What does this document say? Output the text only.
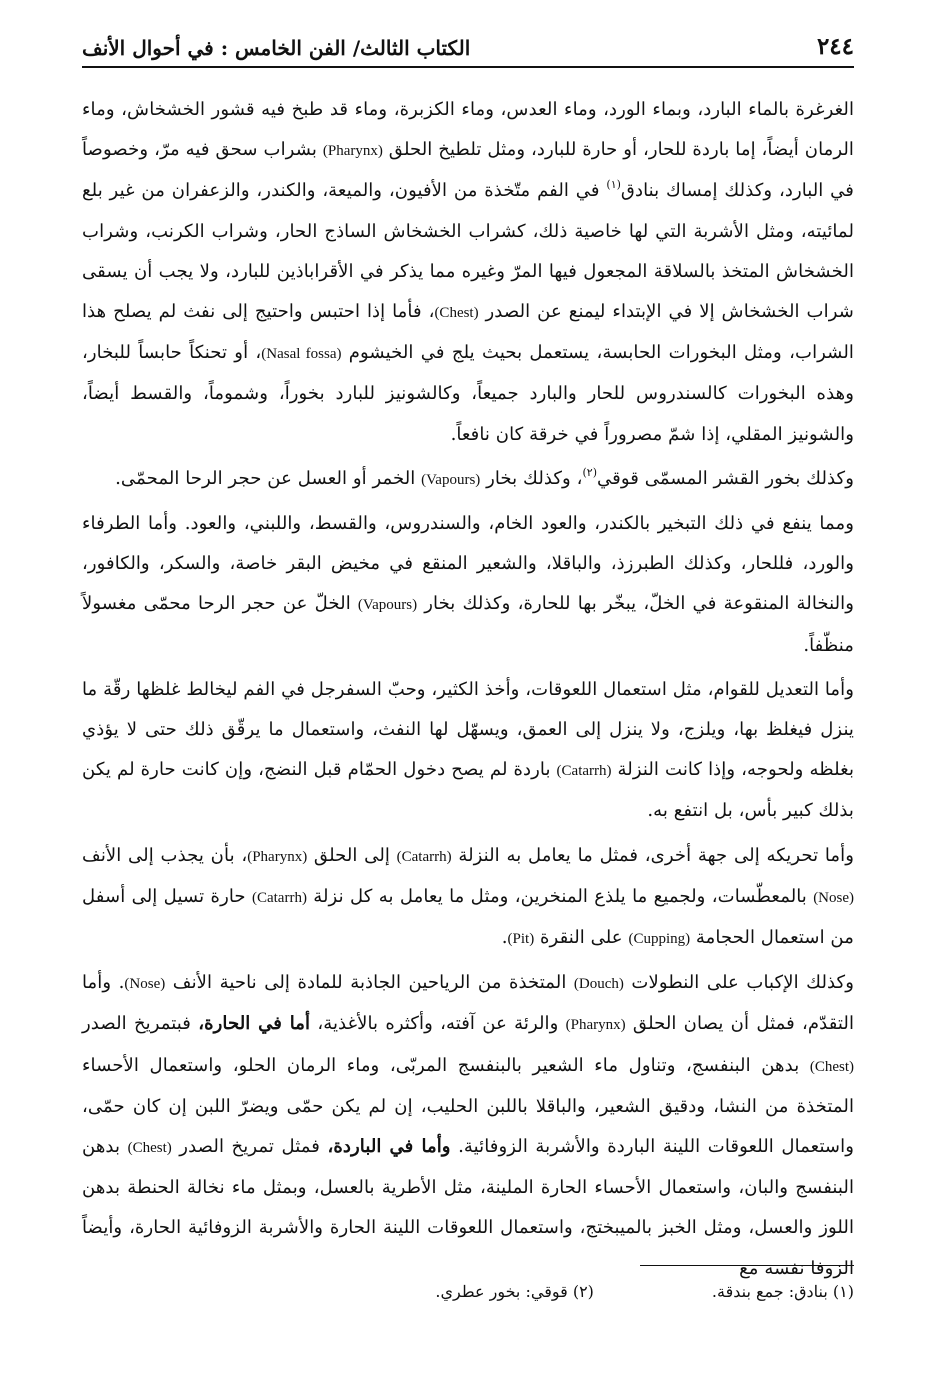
٢٤٤
الكتاب الثالث/ الفن الخامس : في أحوال الأنف

الغرغرة بالماء البارد، وبماء الورد، وماء العدس، وماء الكزبرة، وماء قد طبخ فيه قشور الخشخاش، وماء الرمان أيضاً، إما باردة للحار، أو حارة للبارد، ومثل تلطيخ الحلق (Pharynx) بشراب سحق فيه مرّ، وخصوصاً في البارد، وكذلك إمساك بنادق$^{(١)}$ في الفم متّخذة من الأفيون، والميعة، والكندر، والزعفران من غير بلع لمائيته، ومثل الأشربة التي لها خاصية ذلك، كشراب الخشخاش الساذج الحار، وشراب الكرنب، وشراب الخشخاش المتخذ بالسلاقة المجعول فيها المرّ وغيره مما يذكر في الأقراباذين للبارد، ولا يجب أن يسقى شراب الخشخاش إلا في الإبتداء ليمنع عن الصدر (Chest)، فأما إذا احتبس واحتيج إلى نفث لم يصلح هذا الشراب، ومثل البخورات الحابسة، يستعمل بحيث يلج في الخيشوم (Nasal fossa)، أو تحنكاً حابساً للبخار، وهذه البخورات كالسندروس للحار والبارد جميعاً، وكالشونيز للبارد بخوراً، وشموماً، والقسط أيضاً، والشونيز المقلي، إذا شمّ مصروراً في خرقة كان نافعاً.

وكذلك بخور القشر المسمّى قوقي$^{(٢)}$، وكذلك بخار (Vapours) الخمر أو العسل عن حجر الرحا المحمّى.

ومما ينفع في ذلك التبخير بالكندر، والعود الخام، والسندروس، والقسط، واللبني، والعود. وأما الطرفاء والورد، فللحار، وكذلك الطبرزذ، والباقلا، والشعير المنقع في مخيض البقر خاصة، والسكر، والكافور، والنخالة المنقوعة في الخلّ، يبخّر بها للحارة، وكذلك بخار (Vapours) الخلّ عن حجر الرحا محمّى مغسولاً منظّفاً.

وأما التعديل للقوام، مثل استعمال اللعوقات، وأخذ الكثير، وحبّ السفرجل في الفم ليخالط غلظها رقّة ما ينزل فيغلظ بها، ويلزج، ولا ينزل إلى العمق، ويسهّل لها النفث، واستعمال ما يرقّق ذلك حتى لا يؤذي بغلظه ولحوجه، وإذا كانت النزلة (Catarrh) باردة لم يصح دخول الحمّام قبل النضج، وإن كانت حارة لم يكن بذلك كبير بأس، بل انتفع به.

وأما تحريكه إلى جهة أخرى، فمثل ما يعامل به النزلة (Catarrh) إلى الحلق (Pharynx)، بأن يجذب إلى الأنف (Nose) بالمعطّسات، ولجميع ما يلذع المنخرين، ومثل ما يعامل به كل نزلة (Catarrh) حارة تسيل إلى أسفل من استعمال الحجامة (Cupping) على النقرة (Pit).

وكذلك الإكباب على النطولات (Douch) المتخذة من الرياحين الجاذبة للمادة إلى ناحية الأنف (Nose). وأما التقدّم، فمثل أن يصان الحلق (Pharynx) والرئة عن آفته، وأكثره بالأغذية، أما في الحارة، فبتمريخ الصدر (Chest) بدهن البنفسج، وتناول ماء الشعير بالبنفسج المربّى، وماء الرمان الحلو، واستعمال الأحساء المتخذة من النشا، ودقيق الشعير، والباقلا باللبن الحليب، إن لم يكن حمّى ويضرّ اللبن إن كان حمّى، واستعمال اللعوقات اللينة الباردة والأشربة الزوفائية. وأما في الباردة، فمثل تمريخ الصدر (Chest) بدهن البنفسج والبان، واستعمال الأحساء الحارة الملينة، مثل الأطرية بالعسل، وبمثل ماء نخالة الحنطة بدهن اللوز والعسل، ومثل الخبز بالميبختج، واستعمال اللعوقات اللينة الحارة والأشربة الزوفائية الحارة، وأيضاً الزوفا نفسه مع

(١) بنادق: جمع بندقة.
(٢) قوقي: بخور عطري.
